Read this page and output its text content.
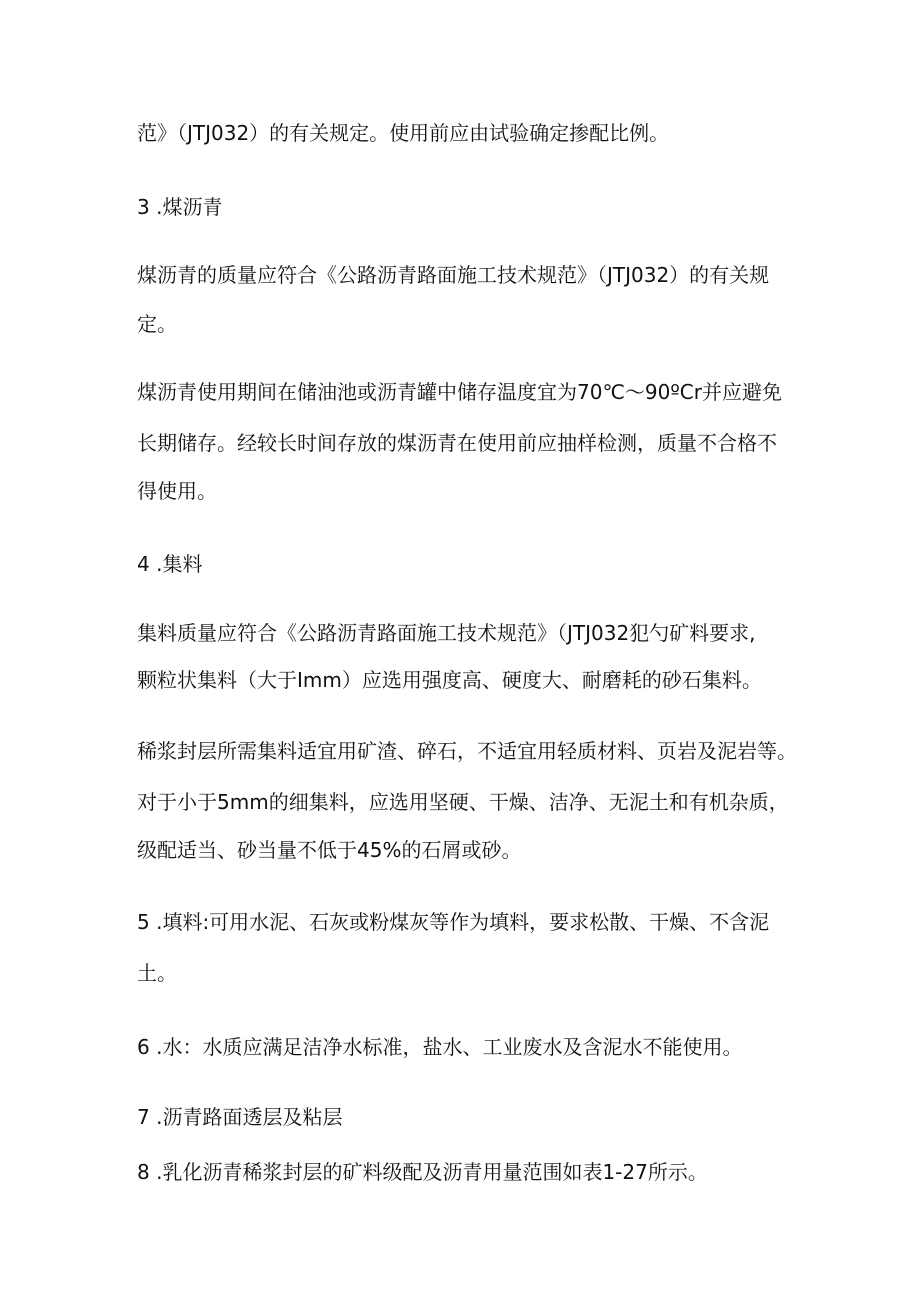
范》（JTJ032）的有关规定。使用前应由试验确定掺配比例。

3 .煤沥青

煤沥青的质量应符合《公路沥青路面施工技术规范》（JTJ032）的有关规

定。

煤沥青使用期间在储油池或沥青罐中储存温度宜为70℃～90ºCr并应避免

长期储存。经较长时间存放的煤沥青在使用前应抽样检测，质量不合格不

得使用。

4 .集料

集料质量应符合《公路沥青路面施工技术规范》（JTJ032犯勺矿料要求,

颗粒状集料（大于Imm）应选用强度高、硬度大、耐磨耗的砂石集料。

稀浆封层所需集料适宜用矿渣、碎石，不适宜用轻质材料、页岩及泥岩等。

对于小于5mm的细集料，应选用坚硬、干燥、洁净、无泥土和有机杂质，

级配适当、砂当量不低于45%的石屑或砂。

5 .填料:可用水泥、石灰或粉煤灰等作为填料，要求松散、干燥、不含泥

土。

6 .水：水质应满足洁净水标准，盐水、工业废水及含泥水不能使用。

7 .沥青路面透层及粘层

8 .乳化沥青稀浆封层的矿料级配及沥青用量范围如表1-27所示。
